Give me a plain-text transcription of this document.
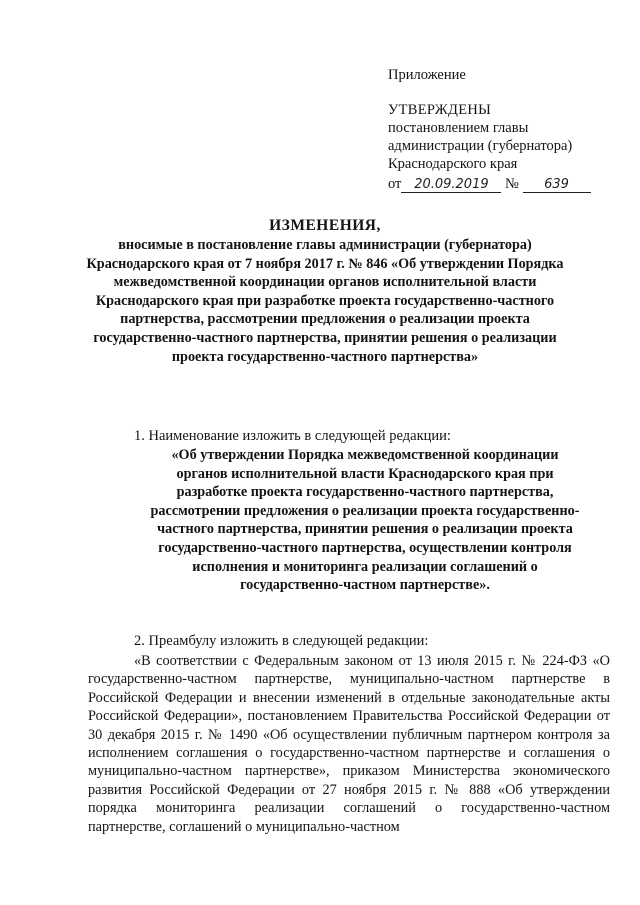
Приложение
УТВЕРЖДЕНЫ
постановлением главы
администрации (губернатора)
Краснодарского края
от 20.09.2019 № 639
ИЗМЕНЕНИЯ,

вносимые в постановление главы администрации (губернатора) Краснодарского края от 7 ноября 2017 г. № 846 «Об утверждении Порядка межведомственной координации органов исполнительной власти Краснодарского края при разработке проекта государственно-частного партнерства, рассмотрении предложения о реализации проекта государственно-частного партнерства, принятии решения о реализации проекта государственно-частного партнерства»

1. Наименование изложить в следующей редакции:

«Об утверждении Порядка межведомственной координации органов исполнительной власти Краснодарского края при разработке проекта государственно-частного партнерства, рассмотрении предложения о реализации проекта государственно-частного партнерства, принятии решения о реализации проекта государственно-частного партнерства, осуществлении контроля исполнения и мониторинга реализации соглашений о государственно-частном партнерстве».

2. Преамбулу изложить в следующей редакции:

«В соответствии с Федеральным законом от 13 июля 2015 г. № 224-ФЗ «О государственно-частном партнерстве, муниципально-частном партнерстве в Российской Федерации и внесении изменений в отдельные законодательные акты Российской Федерации», постановлением Правительства Российской Федерации от 30 декабря 2015 г. № 1490 «Об осуществлении публичным партнером контроля за исполнением соглашения о государственно-частном партнерстве и соглашения о муниципально-частном партнерстве», приказом Министерства экономического развития Российской Федерации от 27 ноября 2015 г. № 888 «Об утверждении порядка мониторинга реализации соглашений о государственно-частном партнерстве, соглашений о муниципально-частном
